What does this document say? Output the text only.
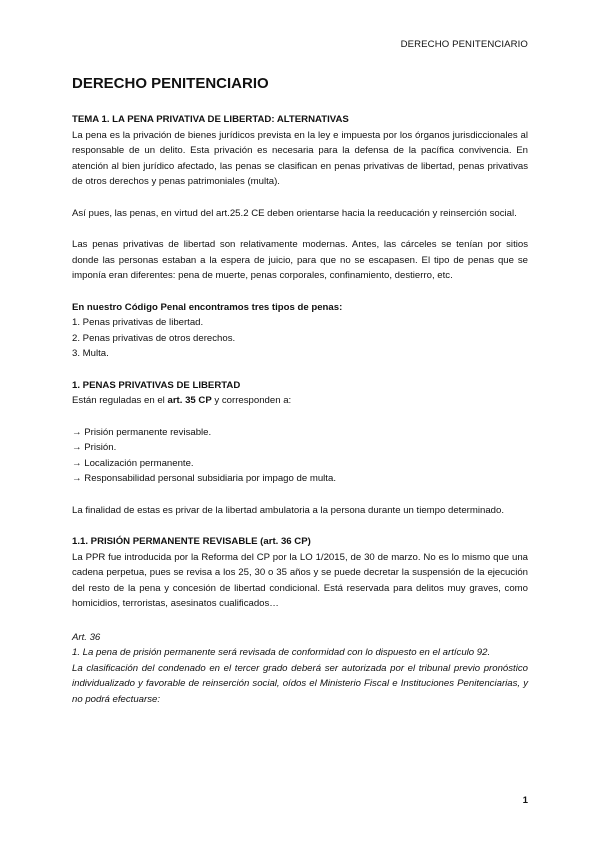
DERECHO PENITENCIARIO
DERECHO PENITENCIARIO

TEMA 1. LA PENA PRIVATIVA DE LIBERTAD: ALTERNATIVAS

La pena es la privación de bienes jurídicos prevista en la ley e impuesta por los órganos jurisdiccionales al responsable de un delito. Esta privación es necesaria para la defensa de la pacífica convivencia. En atención al bien jurídico afectado, las penas se clasifican en penas privativas de libertad, penas privativas de otros derechos y penas patrimoniales (multa).

Así pues, las penas, en virtud del art.25.2 CE deben orientarse hacia la reeducación y reinserción social.

Las penas privativas de libertad son relativamente modernas. Antes, las cárceles se tenían por sitios donde las personas estaban a la espera de juicio, para que no se escapasen. El tipo de penas que se imponía eran diferentes: pena de muerte, penas corporales, confinamiento, destierro, etc.

En nuestro Código Penal encontramos tres tipos de penas:

1. Penas privativas de libertad.

2. Penas privativas de otros derechos.

3. Multa.

1. PENAS PRIVATIVAS DE LIBERTAD

Están reguladas en el art. 35 CP y corresponden a:

→ Prisión permanente revisable.

→ Prisión.

→ Localización permanente.

→ Responsabilidad personal subsidiaria por impago de multa.

La finalidad de estas es privar de la libertad ambulatoria a la persona durante un tiempo determinado.

1.1. PRISIÓN PERMANENTE REVISABLE (art. 36 CP)

La PPR fue introducida por la Reforma del CP por la LO 1/2015, de 30 de marzo. No es lo mismo que una cadena perpetua, pues se revisa a los 25, 30 o 35 años y se puede decretar la suspensión de la ejecución del resto de la pena y concesión de libertad condicional. Está reservada para delitos muy graves, como homicidios, terroristas, asesinatos cualificados…

Art. 36

1. La pena de prisión permanente será revisada de conformidad con lo dispuesto en el artículo 92.

La clasificación del condenado en el tercer grado deberá ser autorizada por el tribunal previo pronóstico individualizado y favorable de reinserción social, oídos el Ministerio Fiscal e Instituciones Penitenciarias, y no podrá efectuarse:

1
